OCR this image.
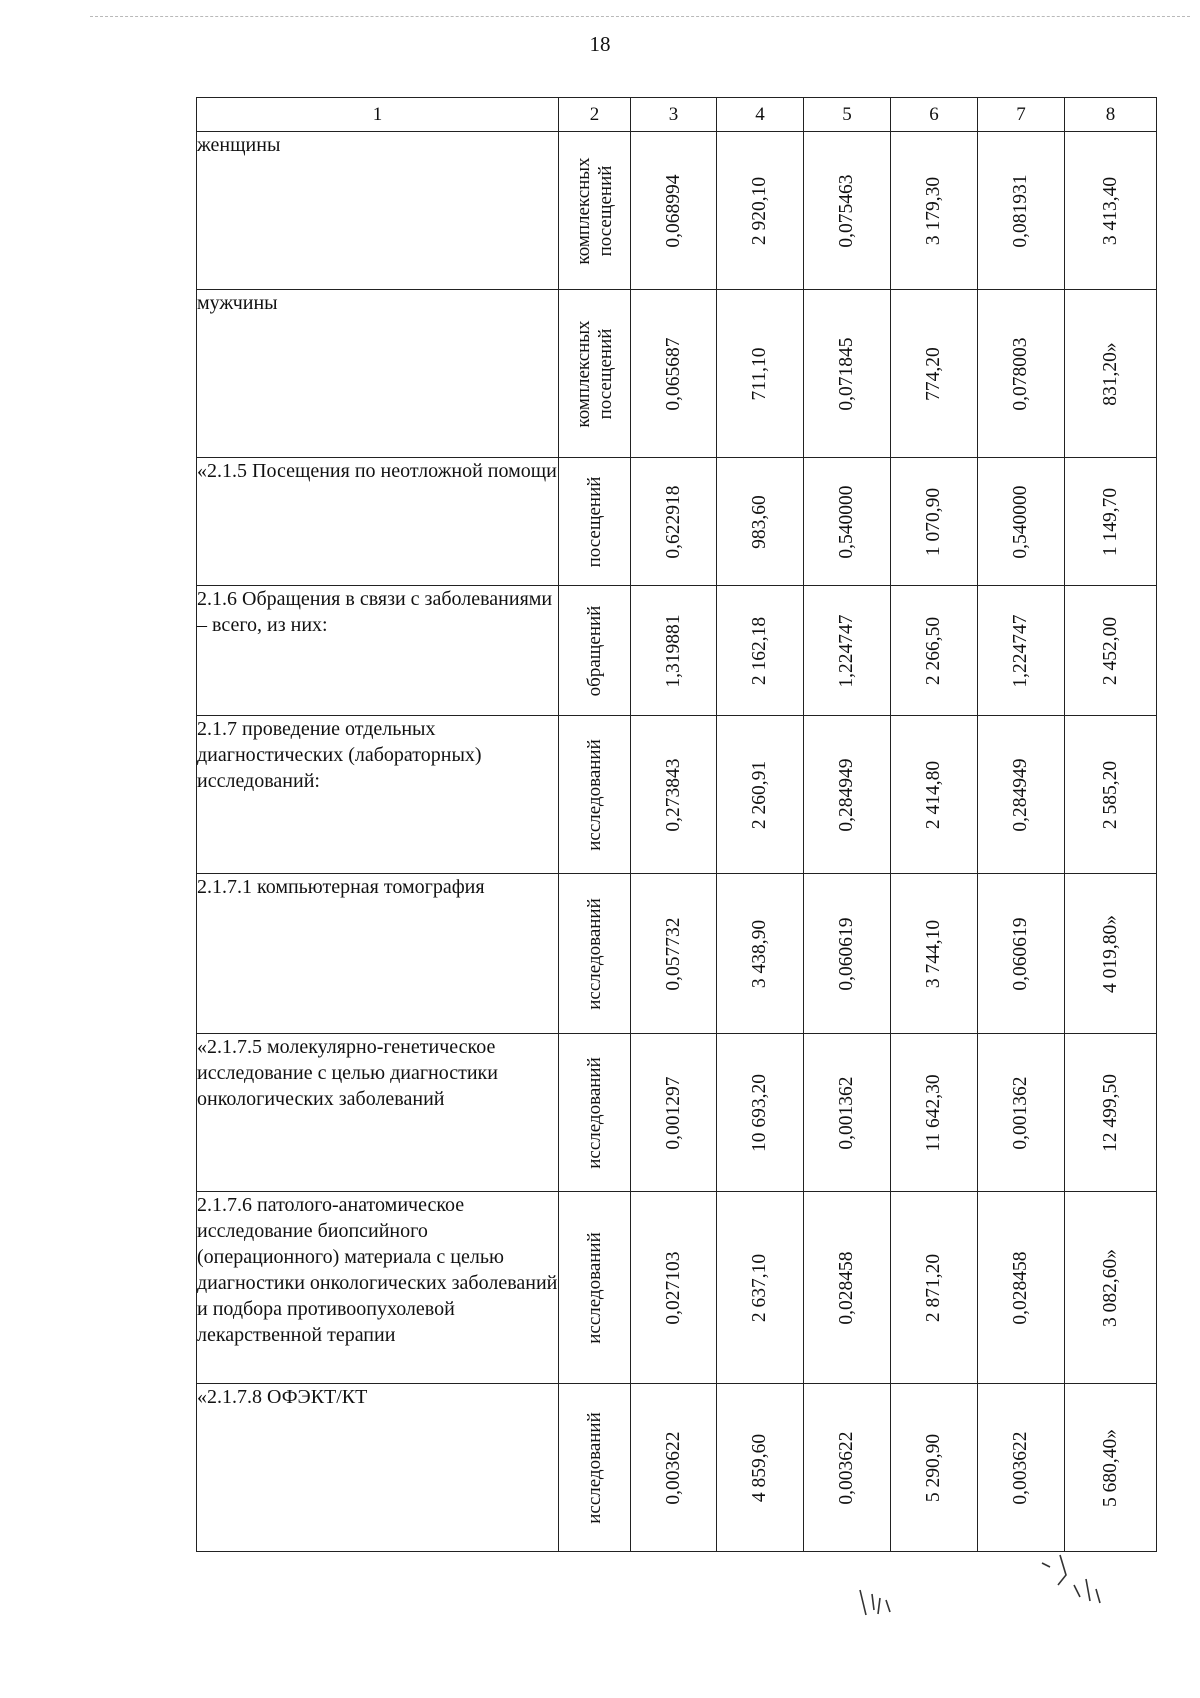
18
1	2	3	4	5	6	7	8
женщины	комплексных посещений	0,068994	2 920,10	0,075463	3 179,30	0,081931	3 413,40

мужчины	комплексных посещений	0,065687	711,10	0,071845	774,20	0,078003	831,20»

«2.1.5 Посещения по неотложной помощи	посещений	0,622918	983,60	0,540000	1 070,90	0,540000	1 149,70

2.1.6 Обращения в связи с заболеваниями – всего, из них:	обращений	1,319881	2 162,18	1,224747	2 266,50	1,224747	2 452,00

2.1.7 проведение отдельных диагностических (лабораторных) исследований:	исследований	0,273843	2 260,91	0,284949	2 414,80	0,284949	2 585,20

2.1.7.1 компьютерная томография	исследований	0,057732	3 438,90	0,060619	3 744,10	0,060619	4 019,80»

«2.1.7.5 молекулярно-генетическое исследование с целью диагностики онкологических заболеваний	исследований	0,001297	10 693,20	0,001362	11 642,30	0,001362	12 499,50

2.1.7.6 патолого-анатомическое исследование биопсийного (операционного) материала с целью диагностики онкологических заболеваний и подбора противоопухолевой лекарственной терапии	исследований	0,027103	2 637,10	0,028458	2 871,20	0,028458	3 082,60»

«2.1.7.8 ОФЭКТ/КТ	исследований	0,003622	4 859,60	0,003622	5 290,90	0,003622	5 680,40»
